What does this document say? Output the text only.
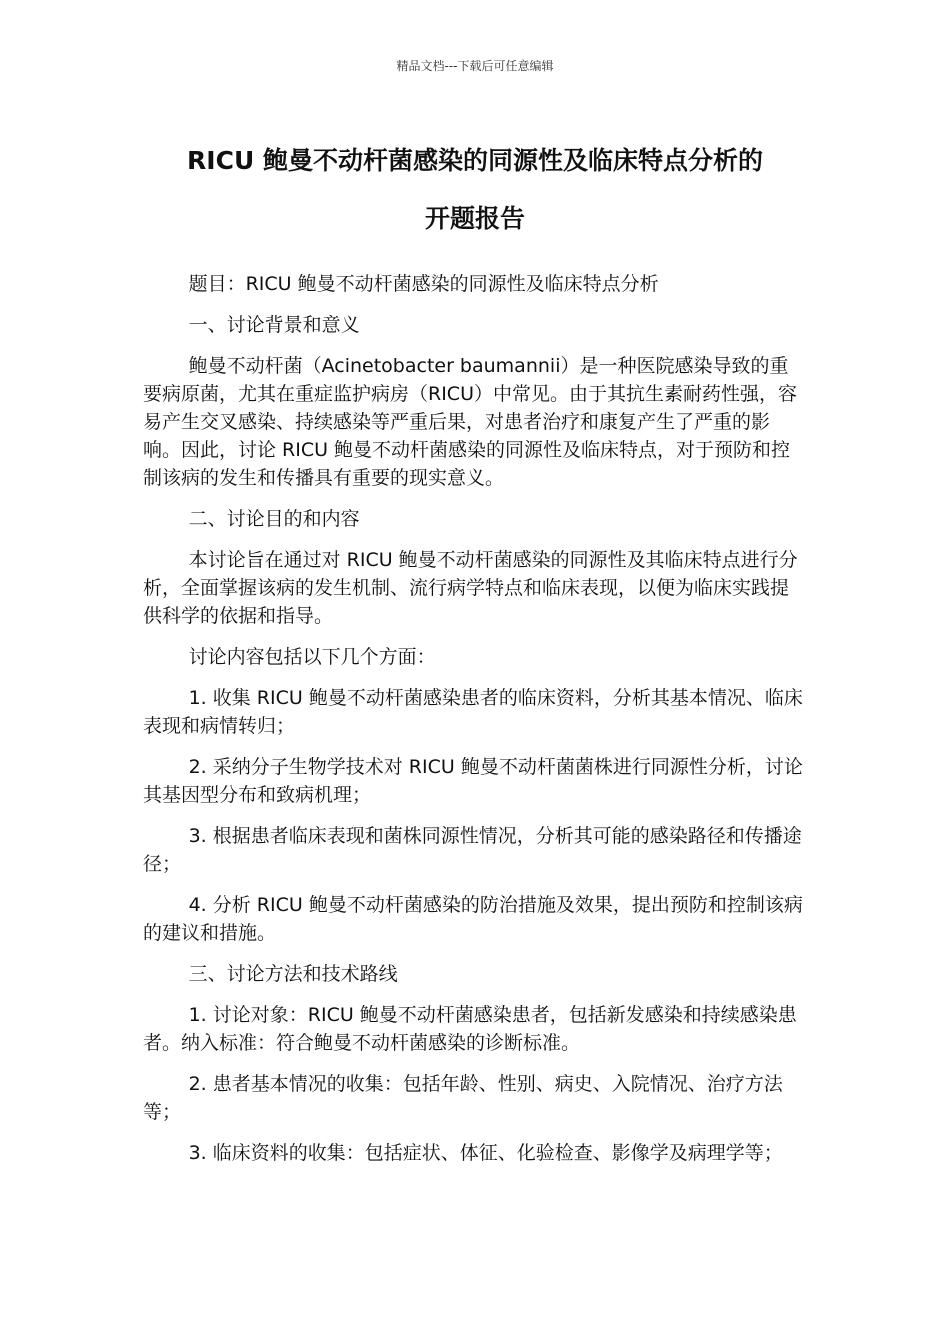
精品文档---下载后可任意编辑
RICU 鲍曼不动杆菌感染的同源性及临床特点分析的
开题报告

题目：RICU 鲍曼不动杆菌感染的同源性及临床特点分析

一、讨论背景和意义

鲍曼不动杆菌（Acinetobacter baumannii）是一种医院感染导致的重要病原菌，尤其在重症监护病房（RICU）中常见。由于其抗生素耐药性强，容易产生交叉感染、持续感染等严重后果，对患者治疗和康复产生了严重的影响。因此，讨论 RICU 鲍曼不动杆菌感染的同源性及临床特点，对于预防和控制该病的发生和传播具有重要的现实意义。

二、讨论目的和内容

本讨论旨在通过对 RICU 鲍曼不动杆菌感染的同源性及其临床特点进行分析，全面掌握该病的发生机制、流行病学特点和临床表现，以便为临床实践提供科学的依据和指导。

讨论内容包括以下几个方面：

1. 收集 RICU 鲍曼不动杆菌感染患者的临床资料，分析其基本情况、临床表现和病情转归；

2. 采纳分子生物学技术对 RICU 鲍曼不动杆菌菌株进行同源性分析，讨论其基因型分布和致病机理；

3. 根据患者临床表现和菌株同源性情况，分析其可能的感染路径和传播途径；

4. 分析 RICU 鲍曼不动杆菌感染的防治措施及效果，提出预防和控制该病的建议和措施。

三、讨论方法和技术路线

1. 讨论对象：RICU 鲍曼不动杆菌感染患者，包括新发感染和持续感染患者。纳入标准：符合鲍曼不动杆菌感染的诊断标准。

2. 患者基本情况的收集：包括年龄、性别、病史、入院情况、治疗方法等；

3. 临床资料的收集：包括症状、体征、化验检查、影像学及病理学等；
